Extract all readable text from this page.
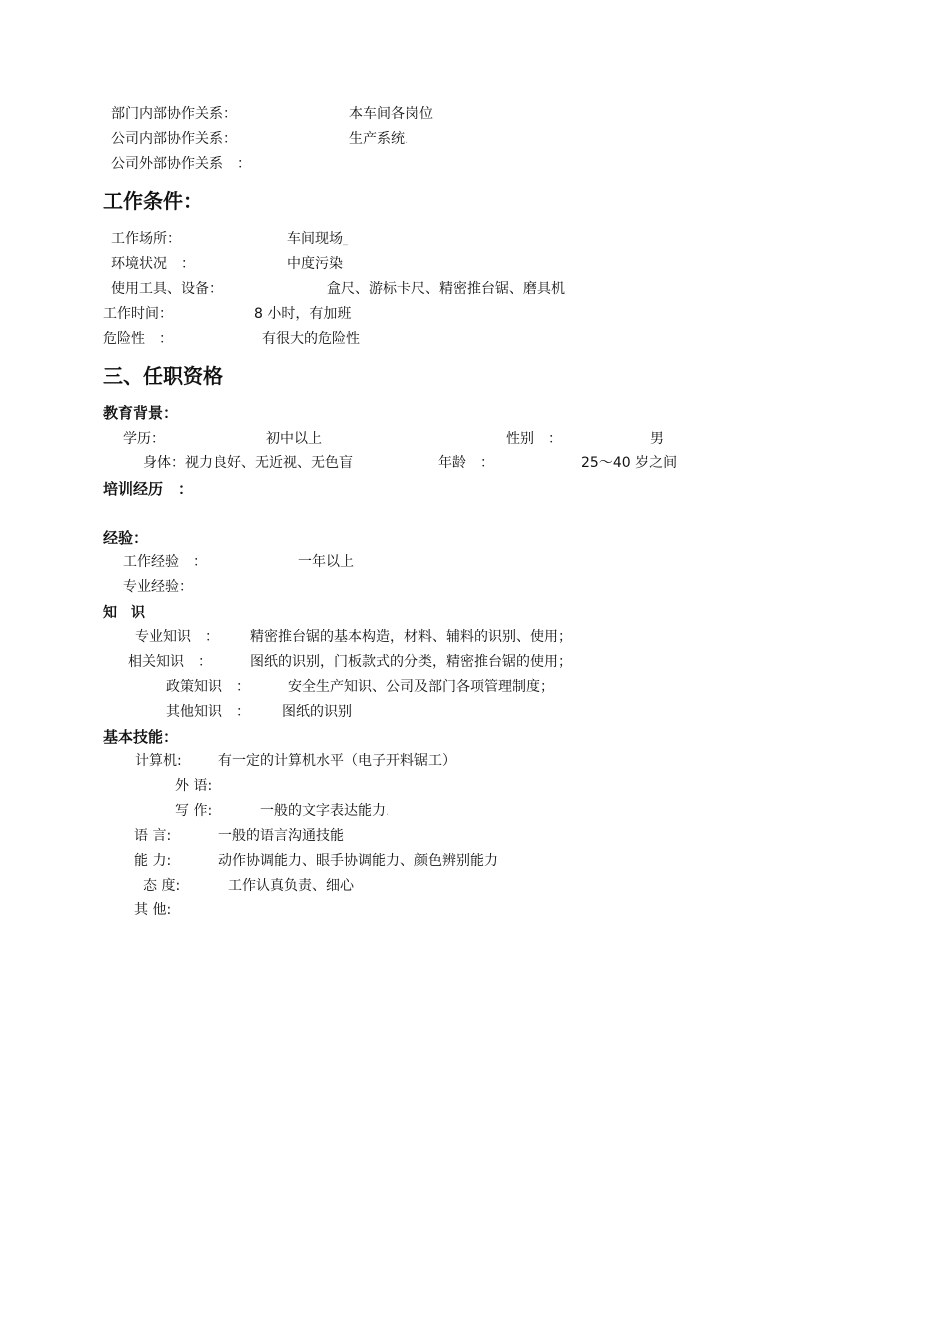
部门内部协作关系：	本车间各岗位
公司内部协作关系：	生产系统.
公司外部协作关系　：
工作条件：
工作场所：	车间现场_
环境状况　：	中度污染
使用工具、设备：	盒尺、游标卡尺、精密推台锯、磨具机
工作时间：	8 小时，有加班
危险性　：	有很大的危险性
三、任职资格
教育背景：
学历：	初中以上	性别　：	男
身体：视力良好、无近视、无色盲	年龄　：	25～40 岁之间
培训经历　：
经验：
工作经验　：	一年以上
专业经验：
知　识
专业知识　： 精密推台锯的基本构造，材料、辅料的识别、使用；
相关知识　：	图纸的识别，门板款式的分类，精密推台锯的使用；
政策知识　：	安全生产知识、公司及部门各项管理制度；
其他知识　： 图纸的识别
基本技能：
计算机:	有一定的计算机水平（电子开料锯工）
外 语:
写 作:	一般的文字表达能力.
语 言:	一般的语言沟通技能
能 力:	动作协调能力、眼手协调能力、颜色辨别能力
态 度:	工作认真负责、细心
其 他:
